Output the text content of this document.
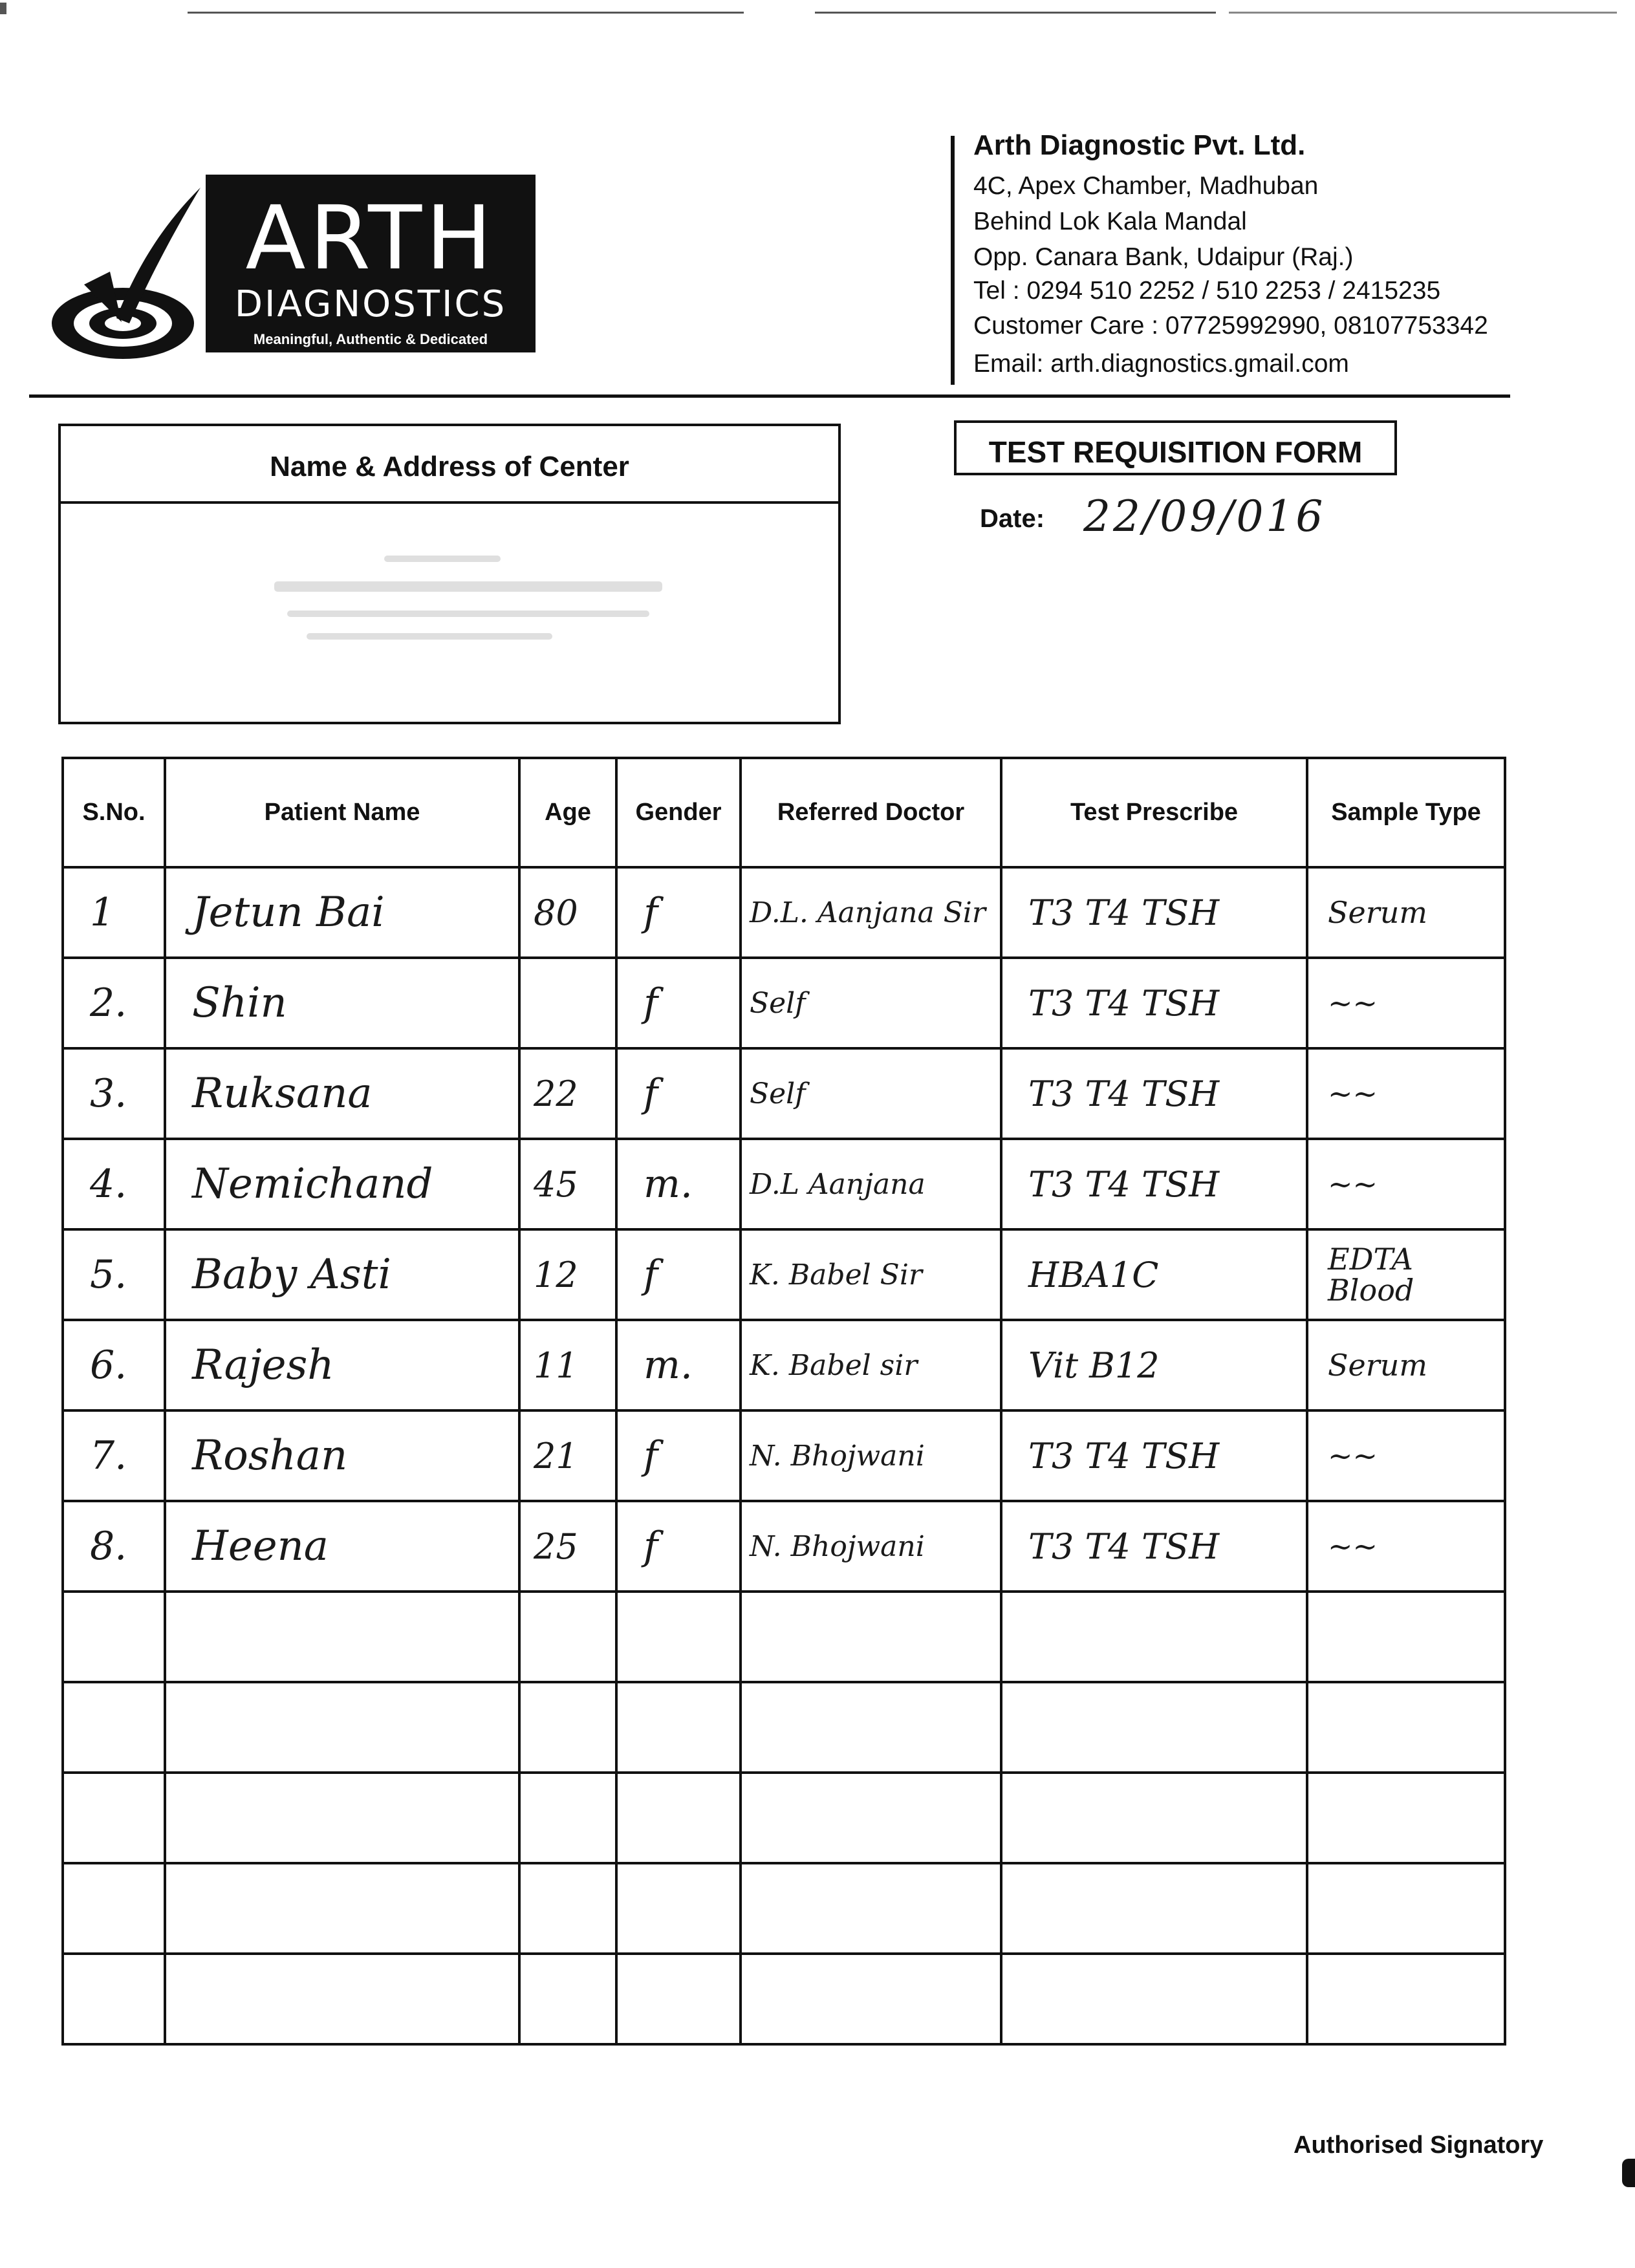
ARTH
DIAGNOSTICS
Meaningful, Authentic & Dedicated
Arth Diagnostic Pvt. Ltd.
4C, Apex Chamber, Madhuban
Behind Lok Kala Mandal
Opp. Canara Bank, Udaipur (Raj.)
Tel : 0294 510 2252 / 510 2253 / 2415235
Customer Care : 07725992990, 08107753342
Email: arth.diagnostics.gmail.com
Name & Address of Center	TEST REQUISITION FORM
Date: 22/09/016
S.No.	Patient Name	Age	Gender	Referred Doctor	Test Prescribe	Sample Type
1	Jetun Bai	80	f	D.L. Aanjana Sir	T3 T4 TSH	Serum
2.	Shin		f	Self	T3 T4 TSH	~~
3.	Ruksana	22	f	Self	T3 T4 TSH	~~
4.	Nemichand	45	m.	D.L Aanjana	T3 T4 TSH	~~
5.	Baby Asti	12	f	K. Babel Sir	HBA1C	EDTA Blood
6.	Rajesh	11	m.	K. Babel sir	Vit B12	Serum
7.	Roshan	21	f	N. Bhojwani	T3 T4 TSH	~~
8.	Heena	25	f	N. Bhojwani	T3 T4 TSH	~~

Authorised Signatory
